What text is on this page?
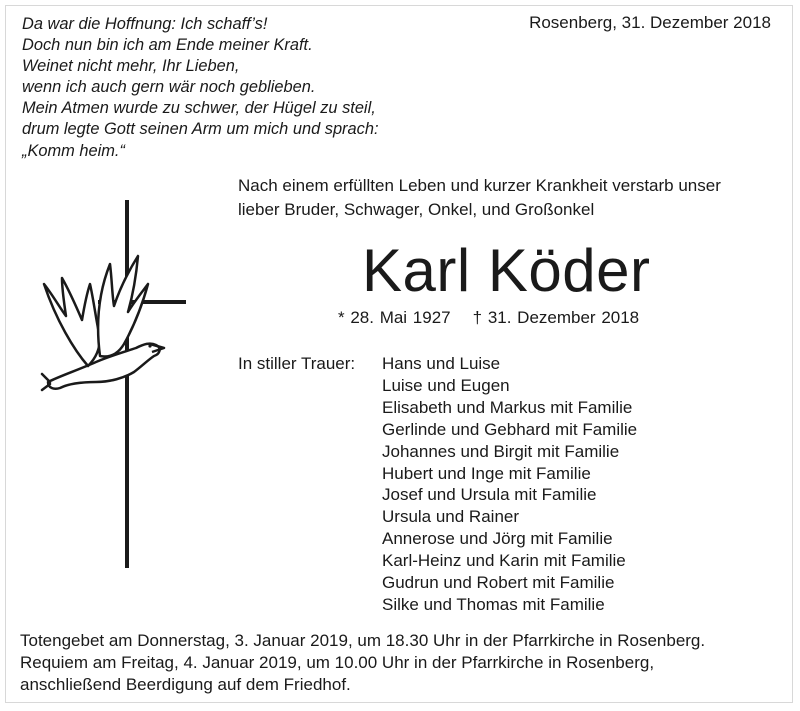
Da war die Hoffnung: Ich schaff’s!
Doch nun bin ich am Ende meiner Kraft.
Weinet nicht mehr, Ihr Lieben,
wenn ich auch gern wär noch geblieben.
Mein Atmen wurde zu schwer, der Hügel zu steil,
drum legte Gott seinen Arm um mich und sprach:
„Komm heim.“
Rosenberg, 31. Dezember 2018
Nach einem erfüllten Leben und kurzer Krankheit verstarb unser
lieber Bruder, Schwager, Onkel, und Großonkel
Karl Köder
* 28. Mai 1927 † 31. Dezember 2018
In stiller Trauer: Hans und Luise
Luise und Eugen
Elisabeth und Markus mit Familie
Gerlinde und Gebhard mit Familie
Johannes und Birgit mit Familie
Hubert und Inge mit Familie
Josef und Ursula mit Familie
Ursula und Rainer
Annerose und Jörg mit Familie
Karl-Heinz und Karin mit Familie
Gudrun und Robert mit Familie
Silke und Thomas mit Familie
Totengebet am Donnerstag, 3. Januar 2019, um 18.30 Uhr in der Pfarrkirche in Rosenberg.
Requiem am Freitag, 4. Januar 2019, um 10.00 Uhr in der Pfarrkirche in Rosenberg,
anschließend Beerdigung auf dem Friedhof.
